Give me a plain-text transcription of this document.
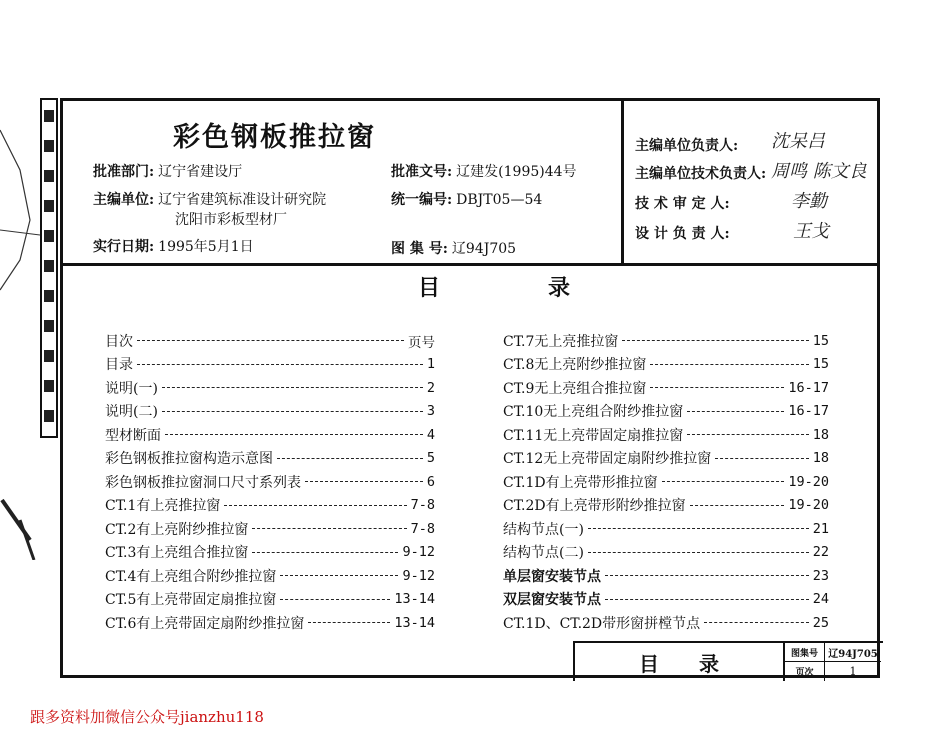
彩色钢板推拉窗
批准部门: 辽宁省建设厅	批准文号: 辽建发(1995)44号
主编单位: 辽宁省建筑标准设计研究院
沈阳市彩板型材厂
统一编号: DBJT05—54
实行日期: 1995年5月1日	图 集 号: 辽94J705
主编单位负责人: 沈呆吕
主编单位技术负责人: 周鸣 陈文良
技 术 审 定 人:	李勤
设 计 负 责 人:	王戈
目	录
目次	页号
目录	1
说明(一)	2
说明(二)	3
型材断面	4
彩色钢板推拉窗构造示意图	5
彩色钢板推拉窗洞口尺寸系列表	6
CT.1有上亮推拉窗	7-8
CT.2有上亮附纱推拉窗	7-8
CT.3有上亮组合推拉窗	9-12
CT.4有上亮组合附纱推拉窗	9-12
CT.5有上亮带固定扇推拉窗	13-14
CT.6有上亮带固定扇附纱推拉窗	13-14
CT.7无上亮推拉窗	15
CT.8无上亮附纱推拉窗	15
CT.9无上亮组合推拉窗	16-17
CT.10无上亮组合附纱推拉窗	16-17
CT.11无上亮带固定扇推拉窗	18
CT.12无上亮带固定扇附纱推拉窗	18
CT.1D有上亮带形推拉窗	19-20
CT.2D有上亮带形附纱推拉窗	19-20
结构节点(一)	21
结构节点(二)	22
单层窗安装节点	23
双层窗安装节点	24
CT.1D、CT.2D带形窗拼樘节点	25
目 录	图集号	辽94J705
页次	1
跟多资料加微信公众号jianzhu118
